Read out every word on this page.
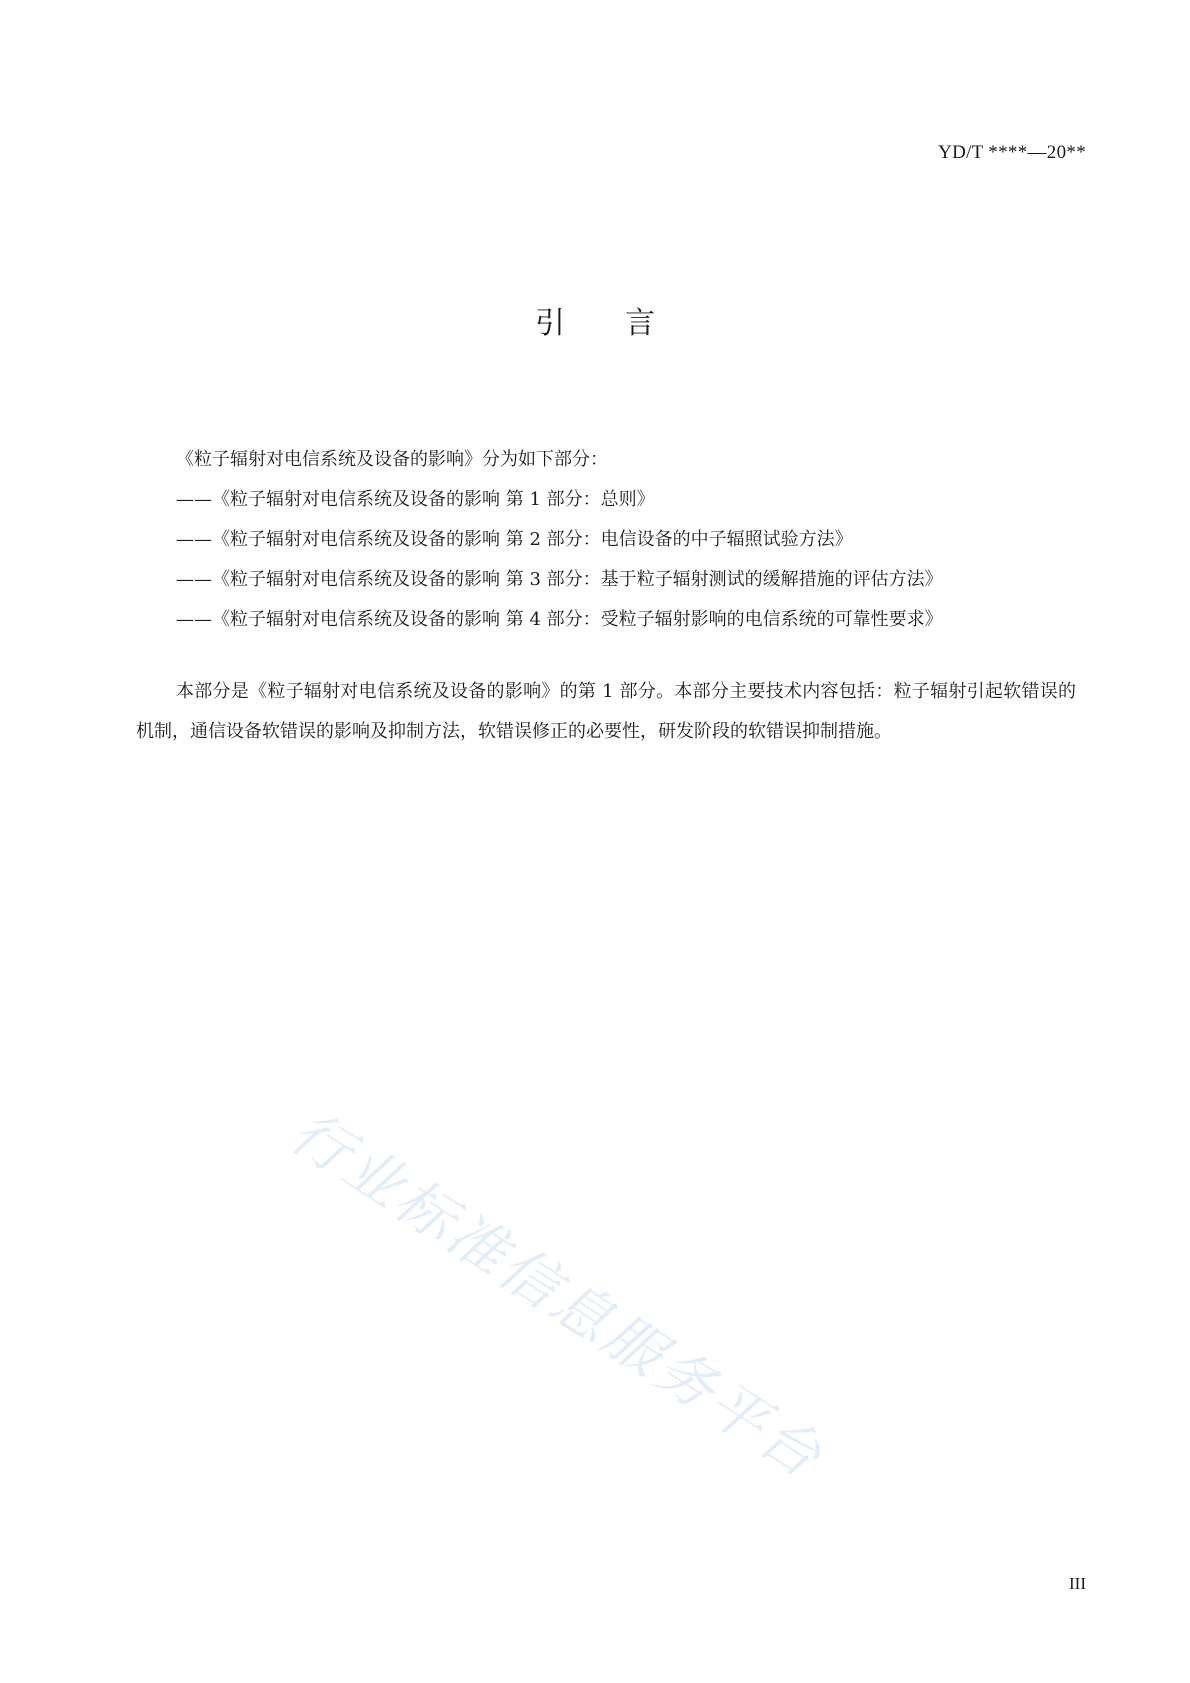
YD/T ****—20**
引 言
《粒子辐射对电信系统及设备的影响》分为如下部分：
——《粒子辐射对电信系统及设备的影响 第 1 部分：总则》
——《粒子辐射对电信系统及设备的影响 第 2 部分：电信设备的中子辐照试验方法》
——《粒子辐射对电信系统及设备的影响 第 3 部分：基于粒子辐射测试的缓解措施的评估方法》
——《粒子辐射对电信系统及设备的影响 第 4 部分：受粒子辐射影响的电信系统的可靠性要求》

本部分是《粒子辐射对电信系统及设备的影响》的第 1 部分。本部分主要技术内容包括：粒子辐射引起软错误的机制，通信设备软错误的影响及抑制方法，软错误修正的必要性，研发阶段的软错误抑制措施。

行业标准信息服务平台
III
